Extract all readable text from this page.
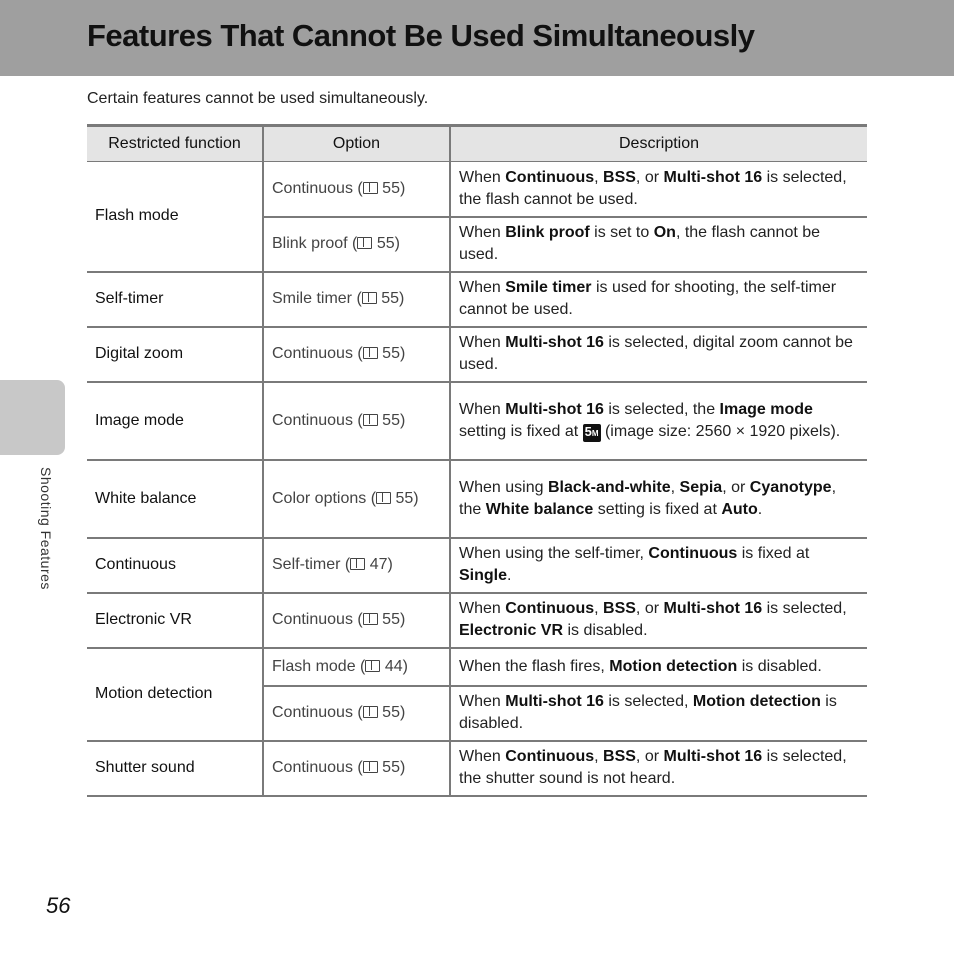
Features That Cannot Be Used Simultaneously

Certain features cannot be used simultaneously.

Restricted function	Option	Description
Flash mode	Continuous ( 55)	When Continuous, BSS, or Multi-shot 16 is selected, the flash cannot be used.
	Blink proof ( 55)	When Blink proof is set to On, the flash cannot be used.
Self-timer	Smile timer ( 55)	When Smile timer is used for shooting, the self-timer cannot be used.
Digital zoom	Continuous ( 55)	When Multi-shot 16 is selected, digital zoom cannot be used.
Image mode	Continuous ( 55)	When Multi-shot 16 is selected, the Image mode setting is fixed at 5M (image size: 2560 × 1920 pixels).
White balance	Color options ( 55)	When using Black-and-white, Sepia, or Cyanotype, the White balance setting is fixed at Auto.
Continuous	Self-timer ( 47)	When using the self-timer, Continuous is fixed at Single.
Electronic VR	Continuous ( 55)	When Continuous, BSS, or Multi-shot 16 is selected, Electronic VR is disabled.
Motion detection	Flash mode ( 44)	When the flash fires, Motion detection is disabled.
	Continuous ( 55)	When Multi-shot 16 is selected, Motion detection is disabled.
Shutter sound	Continuous ( 55)	When Continuous, BSS, or Multi-shot 16 is selected, the shutter sound is not heard.
Shooting Features
56
